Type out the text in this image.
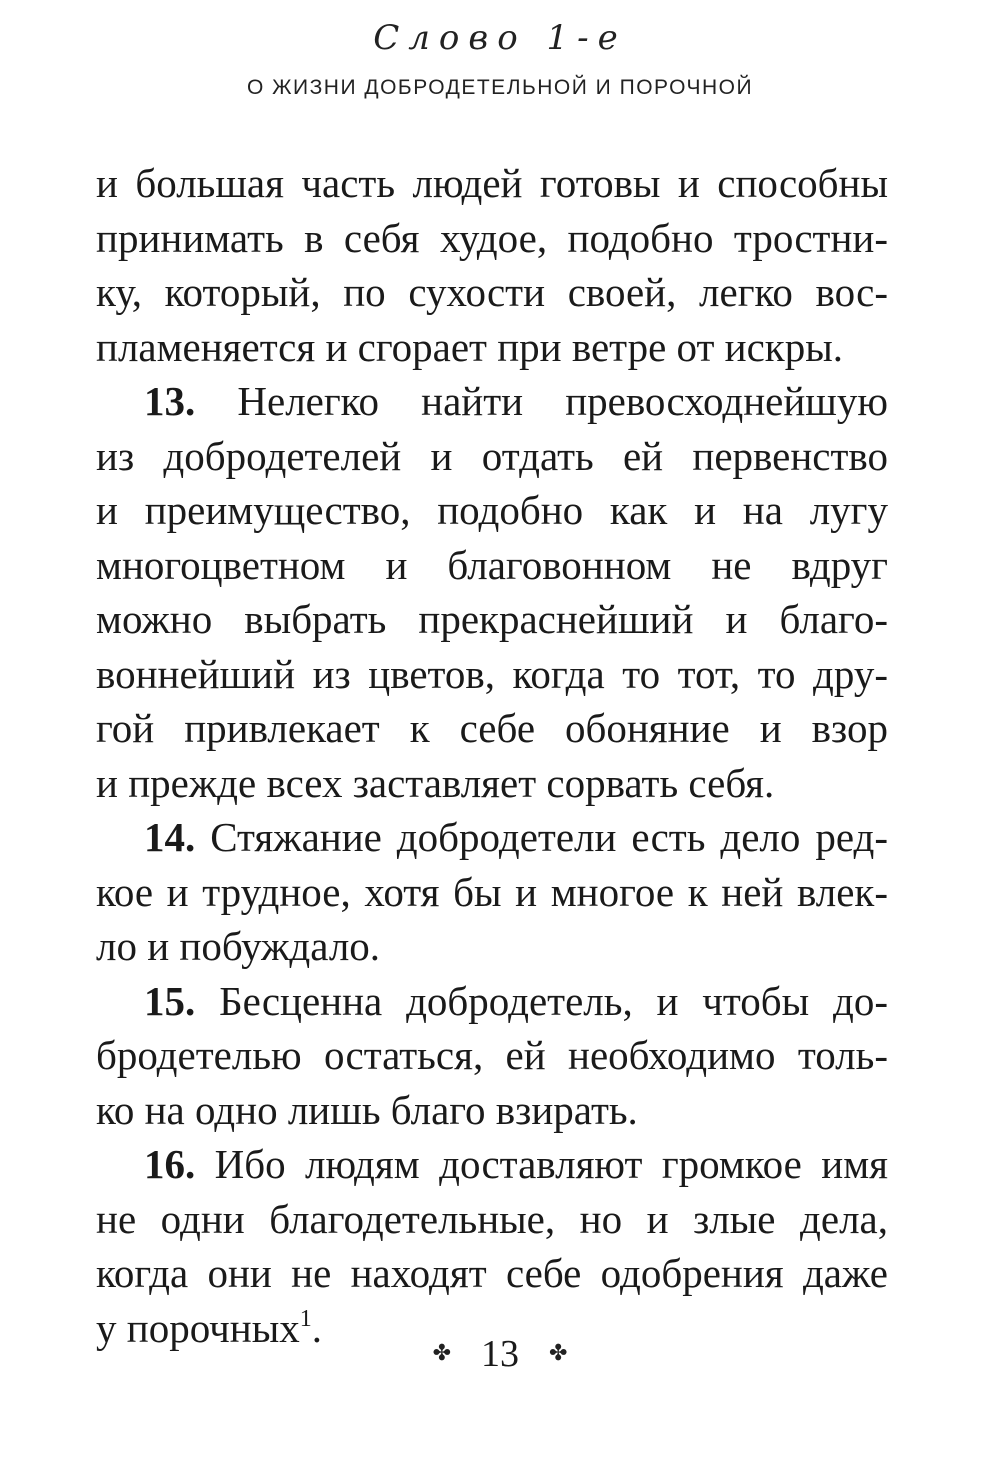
Слово 1-е
О ЖИЗНИ ДОБРОДЕТЕЛЬНОЙ И ПОРОЧНОЙ

и большая часть людей готовы и способны
принимать в себя худое, подобно тростни-
ку, который, по сухости своей, легко вос-
пламеняется и сгорает при ветре от искры.

13. Нелегко найти превосходнейшую
из добродетелей и отдать ей первенство
и преимущество, подобно как и на лугу
многоцветном и благовонном не вдруг
можно выбрать прекраснейший и благо-
воннейший из цветов, когда то тот, то дру-
гой привлекает к себе обоняние и взор
и прежде всех заставляет сорвать себя.

14. Стяжание добродетели есть дело ред-
кое и трудное, хотя бы и многое к ней влек-
ло и побуждало.

15. Бесценна добродетель, и чтобы до-
бродетелью остаться, ей необходимо толь-
ко на одно лишь благо взирать.

16. Ибо людям доставляют громкое имя
не одни благодетельные, но и злые дела,
когда они не находят себе одобрения даже
у порочных$^1$.

✤ 13 ✤
